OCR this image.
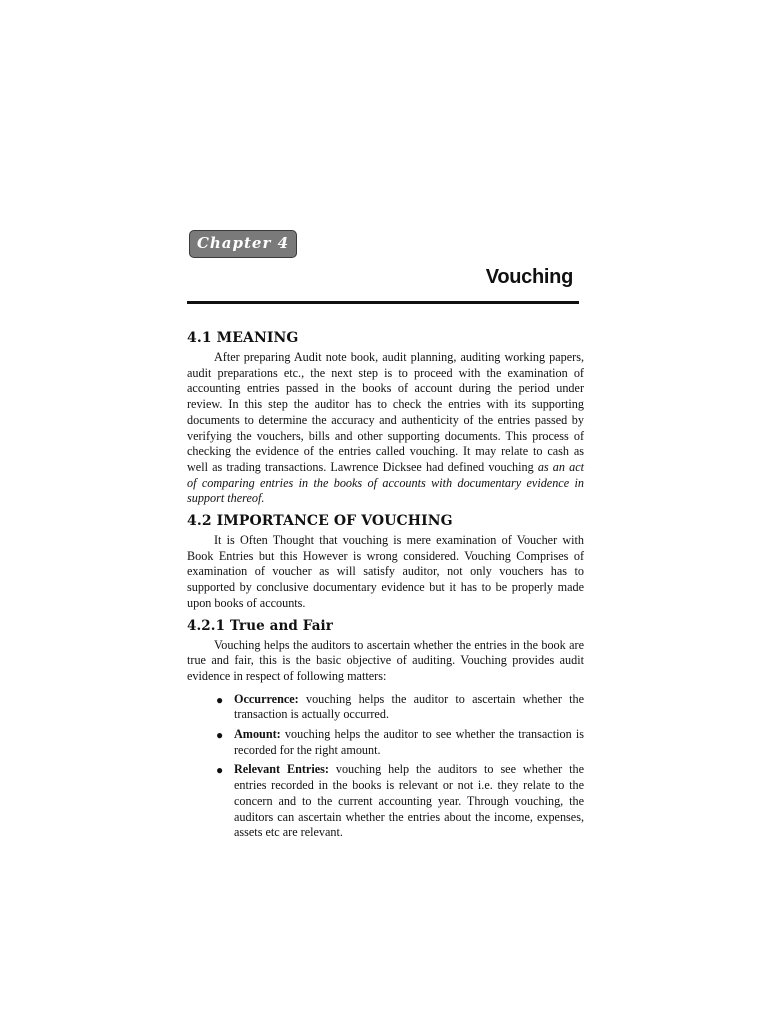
Chapter 4
Vouching
4.1 MEANING

After preparing Audit note book, audit planning, auditing working papers, audit preparations etc., the next step is to proceed with the examination of accounting entries passed in the books of account during the period under review. In this step the auditor has to check the entries with its supporting documents to determine the accuracy and authenticity of the entries passed by verifying the vouchers, bills and other supporting documents. This process of checking the evidence of the entries called vouching. It may relate to cash as well as trading transactions. Lawrence Dicksee had defined vouching as an act of comparing entries in the books of accounts with documentary evidence in support thereof.

4.2 IMPORTANCE OF VOUCHING

It is Often Thought that vouching is mere examination of Voucher with Book Entries but this However is wrong considered. Vouching Comprises of examination of voucher as will satisfy auditor, not only vouchers has to supported by conclusive documentary evidence but it has to be properly made upon books of accounts.

4.2.1 True and Fair

Vouching helps the auditors to ascertain whether the entries in the book are true and fair, this is the basic objective of auditing. Vouching provides audit evidence in respect of following matters:

● Occurrence: vouching helps the auditor to ascertain whether the transaction is actually occurred.
● Amount: vouching helps the auditor to see whether the transaction is recorded for the right amount.
● Relevant Entries: vouching help the auditors to see whether the entries recorded in the books is relevant or not i.e. they relate to the concern and to the current accounting year. Through vouching, the auditors can ascertain whether the entries about the income, expenses, assets etc are relevant.
